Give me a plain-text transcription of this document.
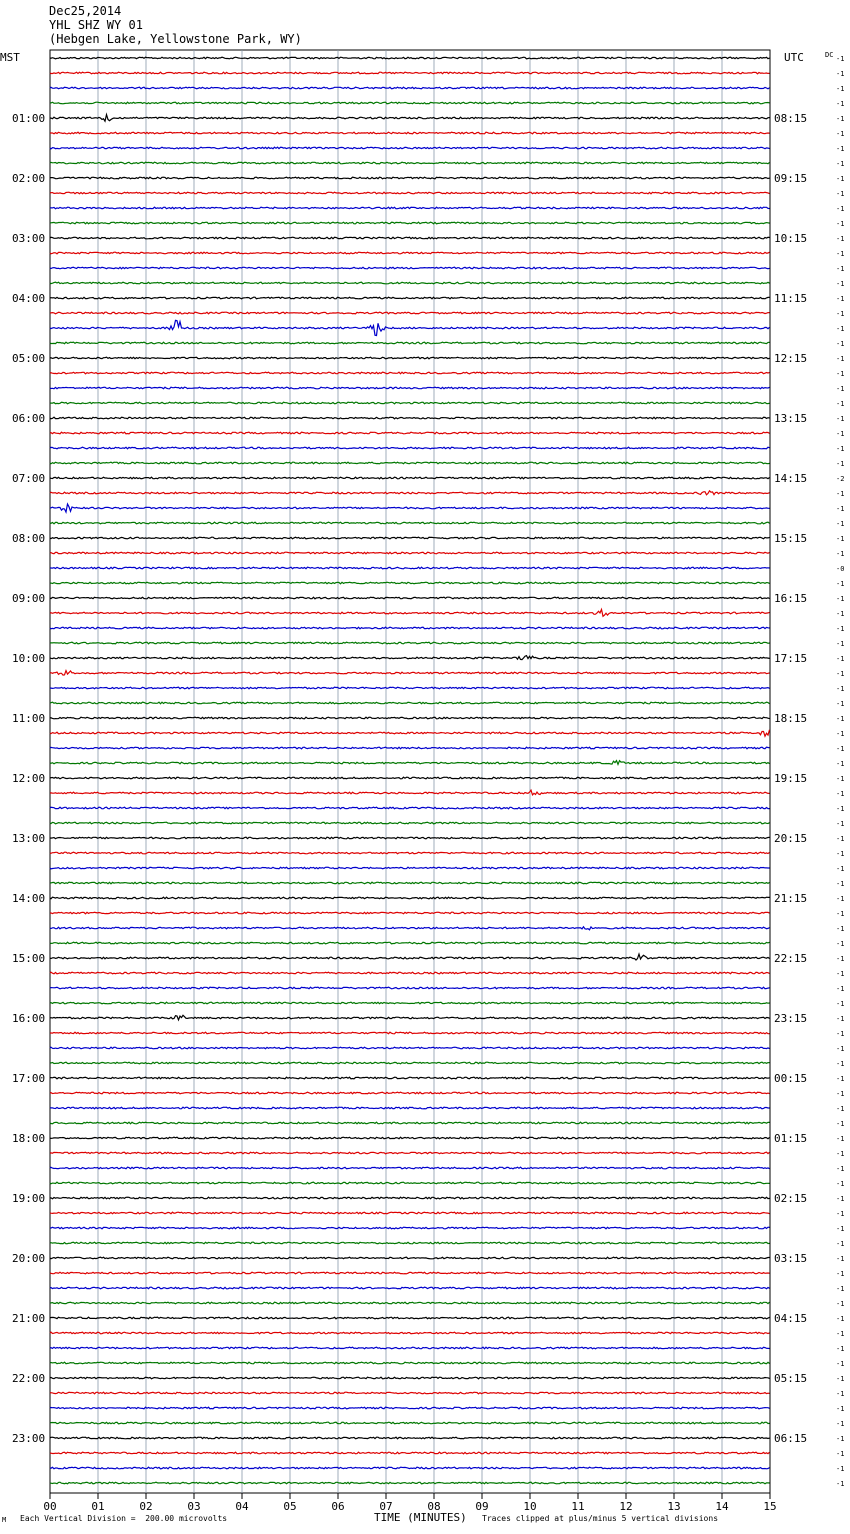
Dec25,2014
YHL SHZ WY 01
(Hebgen Lake, Yellowstone Park, WY)
-1
-1
-1
-1
-1
-1
-1
-1
-1
-1
-1
-1
-1
-1
-1
-1
-1
-1
-1
-1
-1
-1
-1
-1
-1
-1
-1
-1
-2
-1
-1
-1
-1
-1
-0
-1
-1
-1
-1
-1
-1
-1
-1
-1
-1
-1
-1
-1
-1
-1
-1
-1
-1
-1
-1
-1
-1
-1
-1
-1
-1
-1
-1
-1
-1
-1
-1
-1
-1
-1
-1
-1
-1
-1
-1
-1
-1
-1
-1
-1
-1
-1
-1
-1
-1
-1
-1
-1
-1
-1
-1
-1
-1
-1
-1
-1
01:00	08:15
02:00	09:15
03:00	10:15
04:00	11:15
05:00	12:15
06:00	13:15
07:00	14:15
08:00	15:15
09:00	16:15
10:00	17:15
11:00	18:15
12:00	19:15
13:00	20:15
14:00	21:15
15:00	22:15
16:00	23:15
17:00	00:15
18:00	01:15
19:00	02:15
20:00	03:15
21:00	04:15
22:00	05:15
23:00	06:15
00	01	02	03	04	05	06	07	08	09	10	11	12	13	14	15
MST	UTC	DC
M Each Vertical Division =  200.00 microvolts	TIME (MINUTES) Traces clipped at plus/minus 5 vertical divisions
